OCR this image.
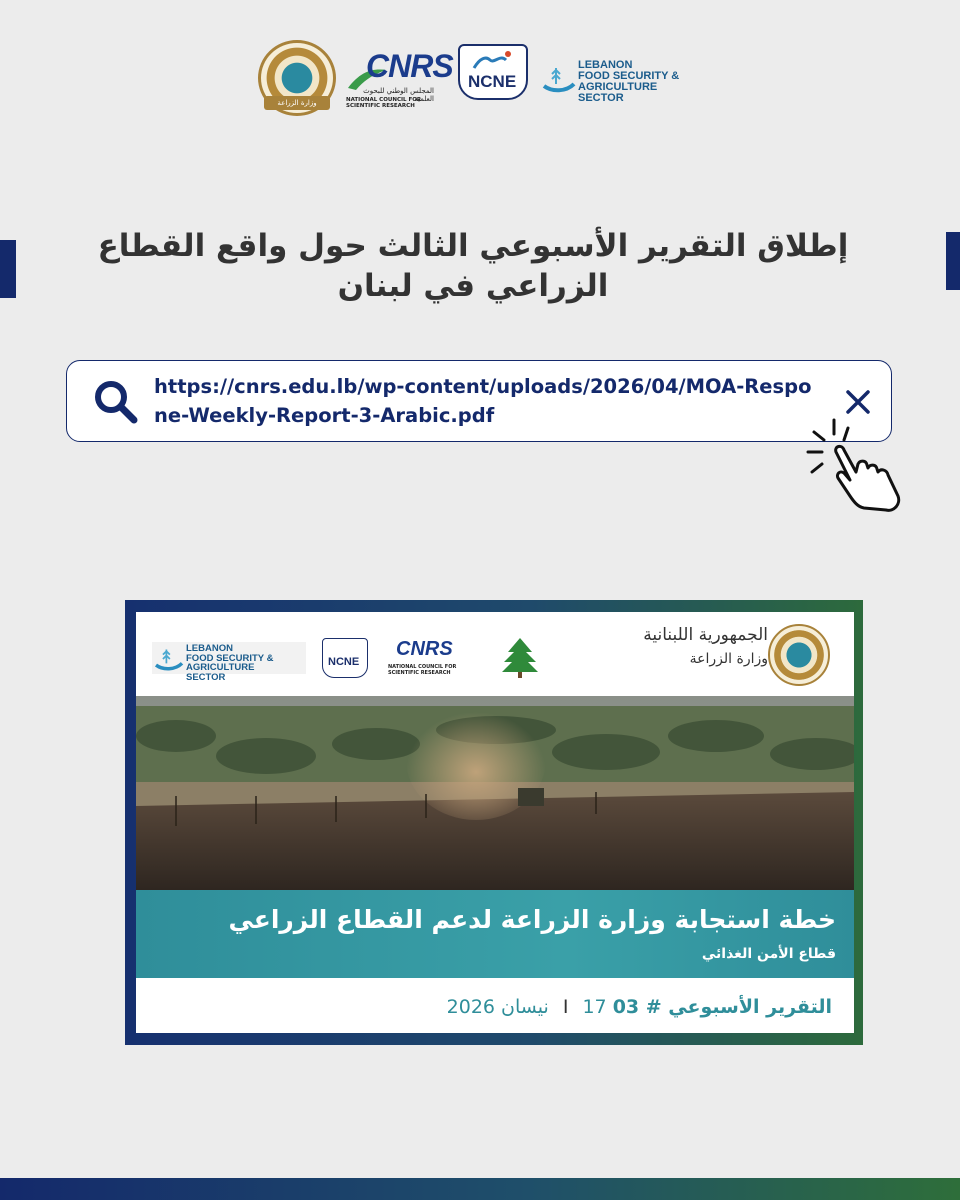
وزارة الزراعة
CNRS
المجلس الوطني للبحوث العلمية
NATIONAL COUNCIL FOR SCIENTIFIC RESEARCH
NCNE
LEBANON
FOOD SECURITY & AGRICULTURE
SECTOR
إطلاق التقرير الأسبوعي الثالث حول واقع القطاع الزراعي في لبنان
https://cnrs.edu.lb/wp-content/uploads/2026/04/MOA-Respone-Weekly-Report-3-Arabic.pdf
LEBANON
FOOD SECURITY & AGRICULTURE
SECTOR
NCNE
CNRS
NATIONAL COUNCIL FOR SCIENTIFIC RESEARCH
الجمهورية اللبنانية
وزارة الزراعة
خطة استجابة وزارة الزراعة لدعم القطاع الزراعي
قطاع الأمن الغذائي
التقرير الأسبوعي # 03 I 17 نيسان 2026
